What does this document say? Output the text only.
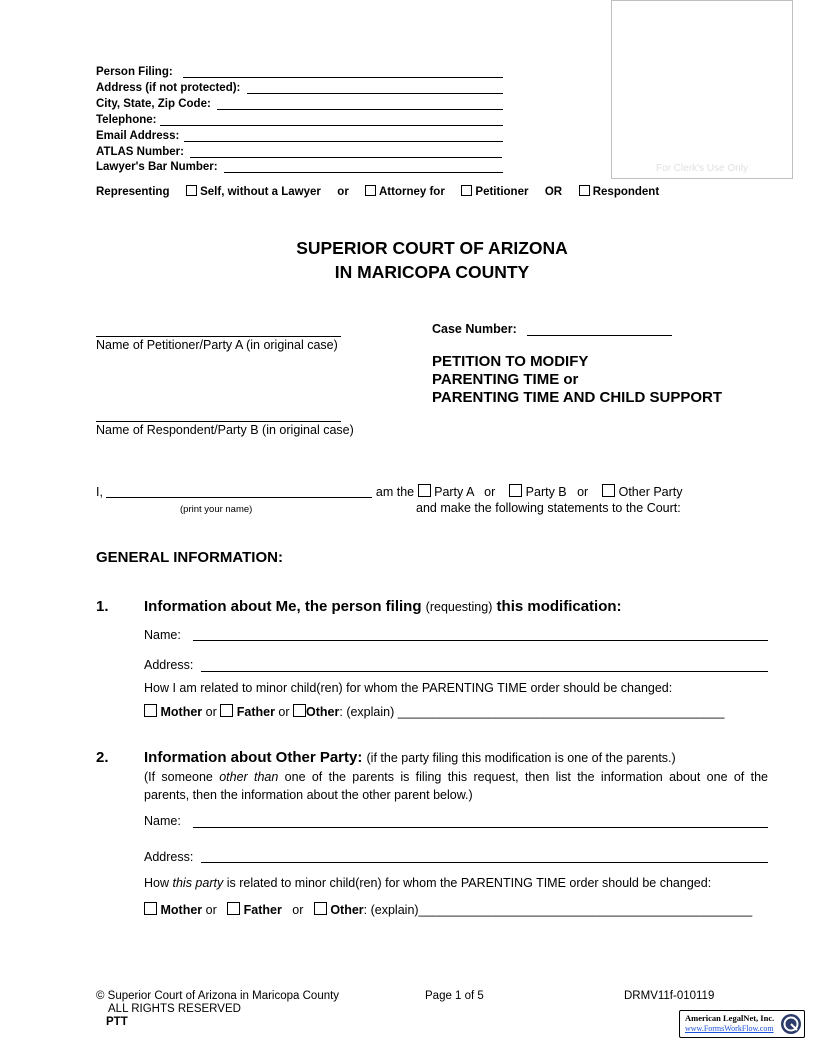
For Clerk's Use Only
Person Filing:
Address (if not protected):
City, State, Zip Code:
Telephone:
Email Address:
ATLAS Number:
Lawyer's Bar Number:
Representing	Self, without a Lawyer or	Attorney for	Petitioner OR	Respondent
SUPERIOR COURT OF ARIZONA
IN MARICOPA COUNTY
Name of Petitioner/Party A (in original case)
Name of Respondent/Party B (in original case)
Case Number:
PETITION TO MODIFY
PARENTING TIME or
PARENTING TIME AND CHILD SUPPORT
I,	am the Party A or Party B or Other Party
(print your name)	and make the following statements to the Court:
GENERAL INFORMATION:
1. Information about Me, the person filing (requesting) this modification:
Name:
Address:
How I am related to minor child(ren) for whom the PARENTING TIME order should be changed:
Mother or Father or Other: (explain) _______________________________________________
2. Information about Other Party: (if the party filing this modification is one of the parents.)
(If someone other than one of the parents is filing this request, then list the information about one of the
parents, then the information about the other parent below.)
Name:
Address:
How this party is related to minor child(ren) for whom the PARENTING TIME order should be changed:
Mother or Father or Other: (explain)________________________________________________
© Superior Court of Arizona in Maricopa County
ALL RIGHTS RESERVED
PTT
Page 1 of 5	DRMV11f-010119
American LegalNet, Inc.
www.FormsWorkFlow.com
